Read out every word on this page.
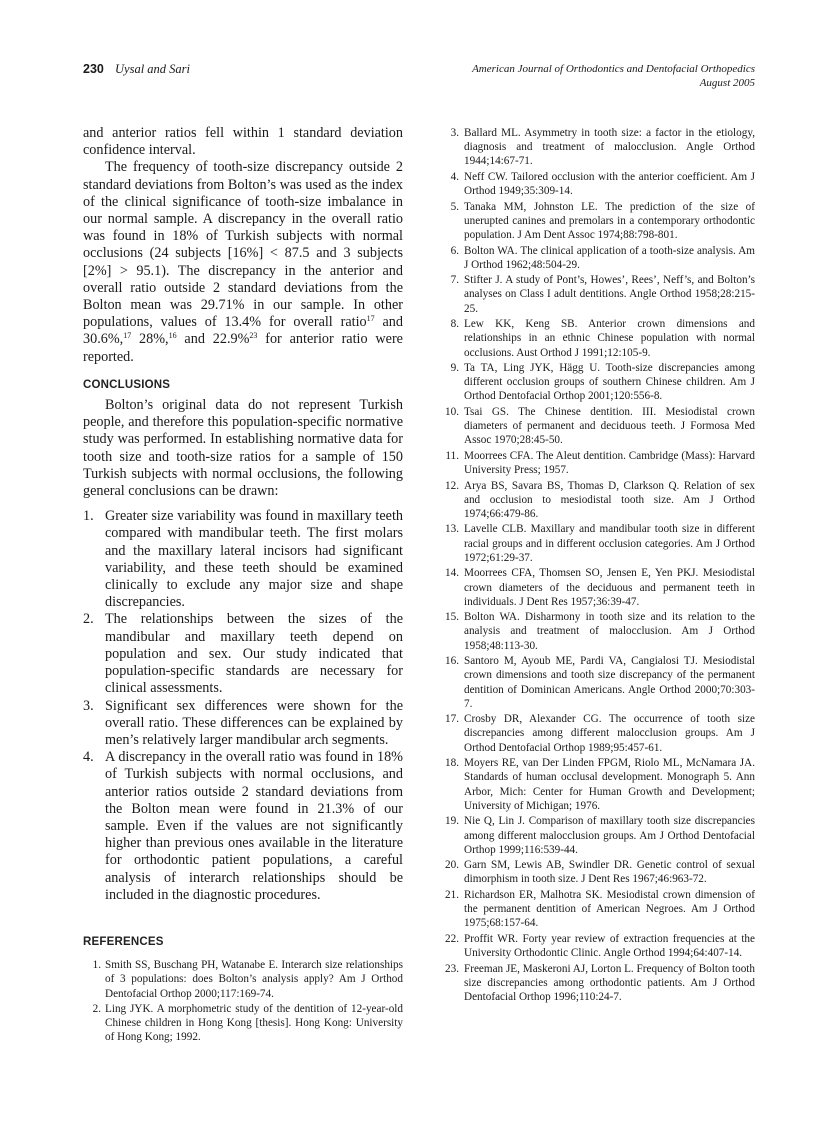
230 Uysal and Sari	American Journal of Orthodontics and Dentofacial Orthopedics
August 2005

and anterior ratios fell within 1 standard deviation confidence interval.

The frequency of tooth-size discrepancy outside 2 standard deviations from Bolton’s was used as the index of the clinical significance of tooth-size imbalance in our normal sample. A discrepancy in the overall ratio was found in 18% of Turkish subjects with normal occlusions (24 subjects [16%] < 87.5 and 3 subjects [2%] > 95.1). The discrepancy in the anterior and overall ratio outside 2 standard deviations from the Bolton mean was 29.71% in our sample. In other populations, values of 13.4% for overall ratio$^{17}$ and 30.6%,$^{17}$ 28%,$^{16}$ and 22.9%$^{23}$ for anterior ratio were reported.

CONCLUSIONS

Bolton’s original data do not represent Turkish people, and therefore this population-specific normative study was performed. In establishing normative data for tooth size and tooth-size ratios for a sample of 150 Turkish subjects with normal occlusions, the following general conclusions can be drawn:

1. Greater size variability was found in maxillary teeth compared with mandibular teeth. The first molars and the maxillary lateral incisors had significant variability, and these teeth should be examined clinically to exclude any major size and shape discrepancies.
2. The relationships between the sizes of the mandibular and maxillary teeth depend on population and sex. Our study indicated that population-specific standards are necessary for clinical assessments.
3. Significant sex differences were shown for the overall ratio. These differences can be explained by men’s relatively larger mandibular arch segments.
4. A discrepancy in the overall ratio was found in 18% of Turkish subjects with normal occlusions, and anterior ratios outside 2 standard deviations from the Bolton mean were found in 21.3% of our sample. Even if the values are not significantly higher than previous ones available in the literature for orthodontic patient populations, a careful analysis of interarch relationships should be included in the diagnostic procedures.
REFERENCES
1. Smith SS, Buschang PH, Watanabe E. Interarch size relationships of 3 populations: does Bolton’s analysis apply? Am J Orthod Dentofacial Orthop 2000;117:169-74.
2. Ling JYK. A morphometric study of the dentition of 12-year-old Chinese children in Hong Kong [thesis]. Hong Kong: University of Hong Kong; 1992.
3. Ballard ML. Asymmetry in tooth size: a factor in the etiology, diagnosis and treatment of malocclusion. Angle Orthod 1944;14:67-71.
4. Neff CW. Tailored occlusion with the anterior coefficient. Am J Orthod 1949;35:309-14.
5. Tanaka MM, Johnston LE. The prediction of the size of unerupted canines and premolars in a contemporary orthodontic population. J Am Dent Assoc 1974;88:798-801.
6. Bolton WA. The clinical application of a tooth-size analysis. Am J Orthod 1962;48:504-29.
7. Stifter J. A study of Pont’s, Howes’, Rees’, Neff’s, and Bolton’s analyses on Class I adult dentitions. Angle Orthod 1958;28:215-25.
8. Lew KK, Keng SB. Anterior crown dimensions and relationships in an ethnic Chinese population with normal occlusions. Aust Orthod J 1991;12:105-9.
9. Ta TA, Ling JYK, Hägg U. Tooth-size discrepancies among different occlusion groups of southern Chinese children. Am J Orthod Dentofacial Orthop 2001;120:556-8.
10. Tsai GS. The Chinese dentition. III. Mesiodistal crown diameters of permanent and deciduous teeth. J Formosa Med Assoc 1970;28:45-50.
11. Moorrees CFA. The Aleut dentition. Cambridge (Mass): Harvard University Press; 1957.
12. Arya BS, Savara BS, Thomas D, Clarkson Q. Relation of sex and occlusion to mesiodistal tooth size. Am J Orthod 1974;66:479-86.
13. Lavelle CLB. Maxillary and mandibular tooth size in different racial groups and in different occlusion categories. Am J Orthod 1972;61:29-37.
14. Moorrees CFA, Thomsen SO, Jensen E, Yen PKJ. Mesiodistal crown diameters of the deciduous and permanent teeth in individuals. J Dent Res 1957;36:39-47.
15. Bolton WA. Disharmony in tooth size and its relation to the analysis and treatment of malocclusion. Am J Orthod 1958;48:113-30.
16. Santoro M, Ayoub ME, Pardi VA, Cangialosi TJ. Mesiodistal crown dimensions and tooth size discrepancy of the permanent dentition of Dominican Americans. Angle Orthod 2000;70:303-7.
17. Crosby DR, Alexander CG. The occurrence of tooth size discrepancies among different malocclusion groups. Am J Orthod Dentofacial Orthop 1989;95:457-61.
18. Moyers RE, van Der Linden FPGM, Riolo ML, McNamara JA. Standards of human occlusal development. Monograph 5. Ann Arbor, Mich: Center for Human Growth and Development; University of Michigan; 1976.
19. Nie Q, Lin J. Comparison of maxillary tooth size discrepancies among different malocclusion groups. Am J Orthod Dentofacial Orthop 1999;116:539-44.
20. Garn SM, Lewis AB, Swindler DR. Genetic control of sexual dimorphism in tooth size. J Dent Res 1967;46:963-72.
21. Richardson ER, Malhotra SK. Mesiodistal crown dimension of the permanent dentition of American Negroes. Am J Orthod 1975;68:157-64.
22. Proffit WR. Forty year review of extraction frequencies at the University Orthodontic Clinic. Angle Orthod 1994;64:407-14.
23. Freeman JE, Maskeroni AJ, Lorton L. Frequency of Bolton tooth size discrepancies among orthodontic patients. Am J Orthod Dentofacial Orthop 1996;110:24-7.
